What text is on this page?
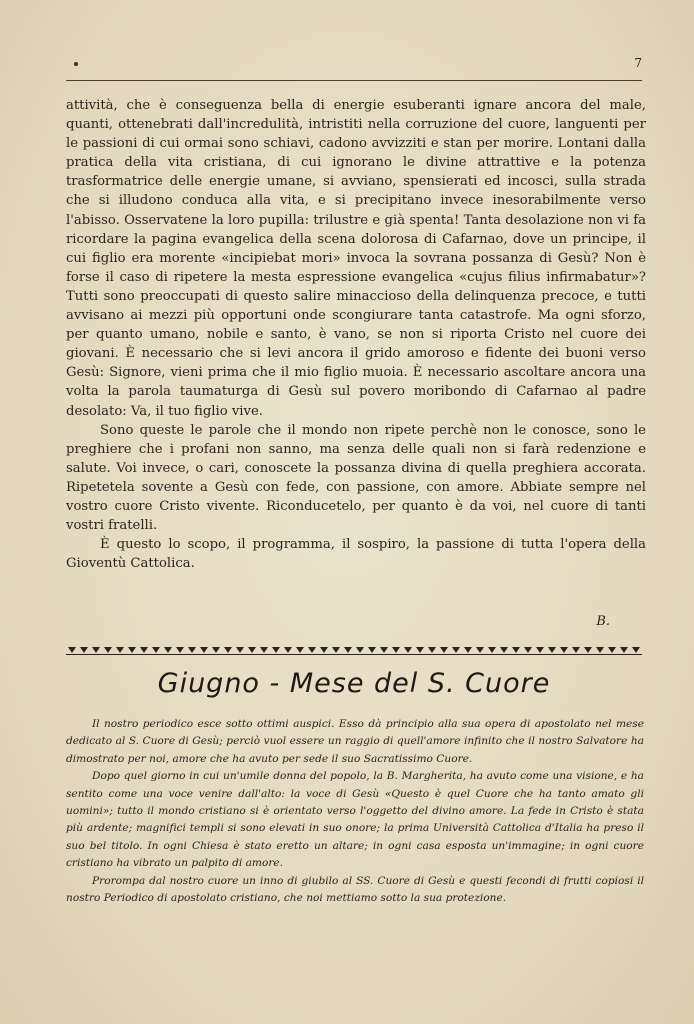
7

attività, che è conseguenza bella di energie esuberanti ignare ancora del male, quanti, ottenebrati dall'incredulità, intristiti nella corruzione del cuore, languenti per le passioni di cui ormai sono schiavi, cadono avvizziti e stan per morire. Lontani dalla pratica della vita cristiana, di cui ignorano le divine attrattive e la potenza trasformatrice delle energie umane, si avviano, spensierati ed incosci, sulla strada che si illudono conduca alla vita, e si precipitano invece inesorabilmente verso l'abisso. Osservatene la loro pupilla: trilustre e già spenta! Tanta desolazione non vi fa ricordare la pagina evangelica della scena dolorosa di Cafarnao, dove un principe, il cui figlio era morente «incipiebat mori» invoca la sovrana possanza di Gesù? Non è forse il caso di ripetere la mesta espressione evangelica «cujus filius infirmabatur»? Tutti sono preoccupati di questo salire minaccioso della delinquenza precoce, e tutti avvisano ai mezzi più opportuni onde scongiurare tanta catastrofe. Ma ogni sforzo, per quanto umano, nobile e santo, è vano, se non si riporta Cristo nel cuore dei giovani. È necessario che si levi ancora il grido amoroso e fidente dei buoni verso Gesù: Signore, vieni prima che il mio figlio muoia. È necessario ascoltare ancora una volta la parola taumaturga di Gesù sul povero moribondo di Cafarnao al padre desolato: Va, il tuo figlio vive.

Sono queste le parole che il mondo non ripete perchè non le conosce, sono le preghiere che i profani non sanno, ma senza delle quali non si farà redenzione e salute. Voi invece, o cari, conoscete la possanza divina di quella preghiera accorata. Ripetetela sovente a Gesù con fede, con passione, con amore. Abbiate sempre nel vostro cuore Cristo vivente. Riconducetelo, per quanto è da voi, nel cuore di tanti vostri fratelli.

È questo lo scopo, il programma, il sospiro, la passione di tutta l'opera della Gioventù Cattolica.

B.
Giugno - Mese del S. Cuore

Il nostro periodico esce sotto ottimi auspici. Esso dà principio alla sua opera di apostolato nel mese dedicato al S. Cuore di Gesù; perciò vuol essere un raggio di quell'amore infinito che il nostro Salvatore ha dimostrato per noi, amore che ha avuto per sede il suo Sacratissimo Cuore.

Dopo quel giorno in cui un'umile donna del popolo, la B. Margherita, ha avuto come una visione, e ha sentito come una voce venire dall'alto: la voce di Gesù «Questo è quel Cuore che ha tanto amato gli uomini»; tutto il mondo cristiano si è orientato verso l'oggetto del divino amore. La fede in Cristo è stata più ardente; magnifici templi si sono elevati in suo onore; la prima Università Cattolica d'Italia ha preso il suo bel titolo. In ogni Chiesa è stato eretto un altare; in ogni casa esposta un'immagine; in ogni cuore cristiano ha vibrato un palpito di amore.

Prorompa dal nostro cuore un inno di giubilo al SS. Cuore di Gesù e questi fecondi di frutti copiosi il nostro Periodico di apostolato cristiano, che noi mettiamo sotto la sua protezione.
